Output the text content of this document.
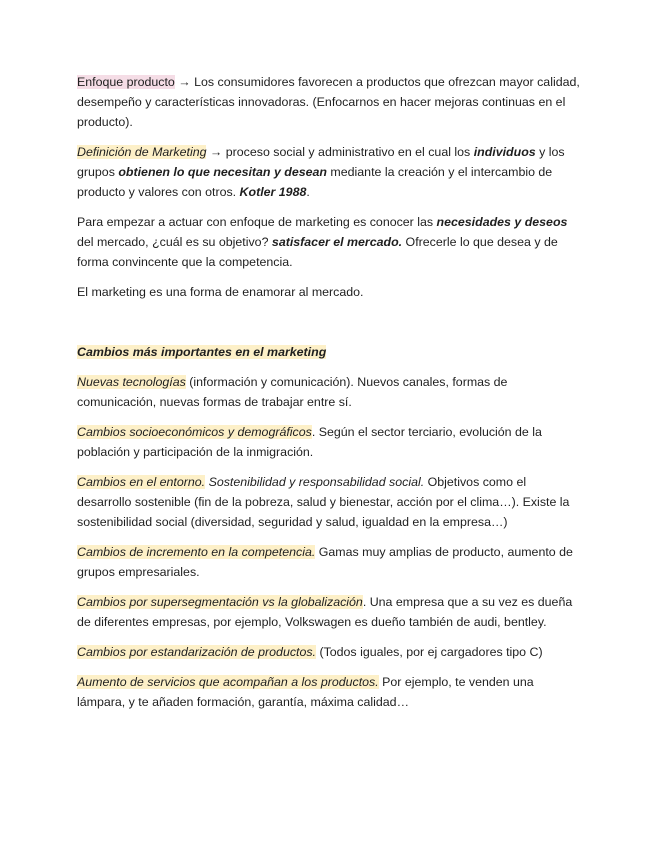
Enfoque producto → Los consumidores favorecen a productos que ofrezcan mayor calidad, desempeño y características innovadoras. (Enfocarnos en hacer mejoras continuas en el producto).

Definición de Marketing → proceso social y administrativo en el cual los individuos y los grupos obtienen lo que necesitan y desean mediante la creación y el intercambio de producto y valores con otros. Kotler 1988.

Para empezar a actuar con enfoque de marketing es conocer las necesidades y deseos del mercado, ¿cuál es su objetivo? satisfacer el mercado. Ofrecerle lo que desea y de forma convincente que la competencia.

El marketing es una forma de enamorar al mercado.

Cambios más importantes en el marketing

Nuevas tecnologías (información y comunicación). Nuevos canales, formas de comunicación, nuevas formas de trabajar entre sí.

Cambios socioeconómicos y demográficos. Según el sector terciario, evolución de la población y participación de la inmigración.

Cambios en el entorno. Sostenibilidad y responsabilidad social. Objetivos como el desarrollo sostenible (fin de la pobreza, salud y bienestar, acción por el clima…). Existe la sostenibilidad social (diversidad, seguridad y salud, igualdad en la empresa…)

Cambios de incremento en la competencia. Gamas muy amplias de producto, aumento de grupos empresariales.

Cambios por supersegmentación vs la globalización. Una empresa que a su vez es dueña de diferentes empresas, por ejemplo, Volkswagen es dueño también de audi, bentley.

Cambios por estandarización de productos. (Todos iguales, por ej cargadores tipo C)

Aumento de servicios que acompañan a los productos. Por ejemplo, te venden una lámpara, y te añaden formación, garantía, máxima calidad…
